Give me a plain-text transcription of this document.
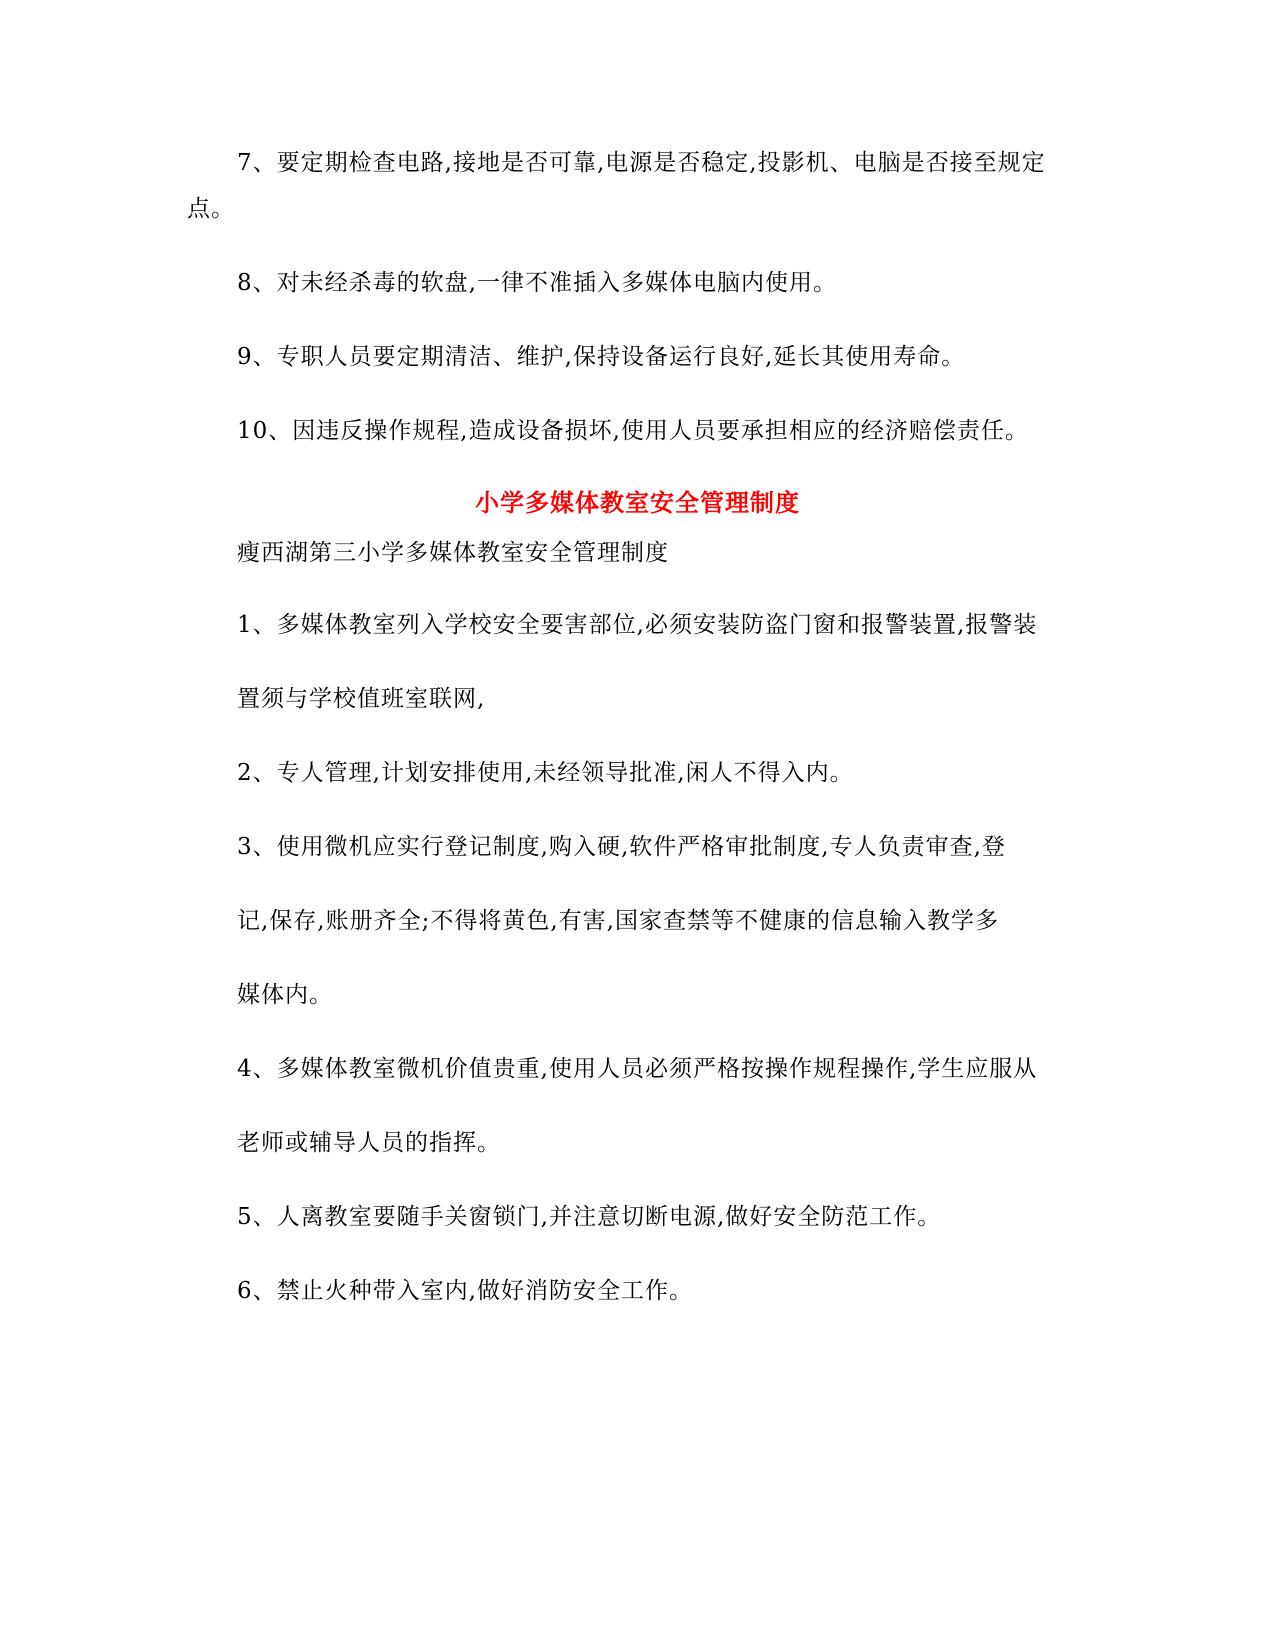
7、要定期检查电路,接地是否可靠,电源是否稳定,投影机、电脑是否接至规定
点。
8、对未经杀毒的软盘,一律不准插入多媒体电脑内使用。
9、专职人员要定期清洁、维护,保持设备运行良好,延长其使用寿命。
10、因违反操作规程,造成设备损坏,使用人员要承担相应的经济赔偿责任。
小学多媒体教室安全管理制度
瘦西湖第三小学多媒体教室安全管理制度
1、多媒体教室列入学校安全要害部位,必须安装防盗门窗和报警装置,报警装
置须与学校值班室联网,
2、专人管理,计划安排使用,未经领导批准,闲人不得入内。
3、使用微机应实行登记制度,购入硬,软件严格审批制度,专人负责审查,登
记,保存,账册齐全;不得将黄色,有害,国家查禁等不健康的信息输入教学多
媒体内。
4、多媒体教室微机价值贵重,使用人员必须严格按操作规程操作,学生应服从
老师或辅导人员的指挥。
5、人离教室要随手关窗锁门,并注意切断电源,做好安全防范工作。
6、禁止火种带入室内,做好消防安全工作。
